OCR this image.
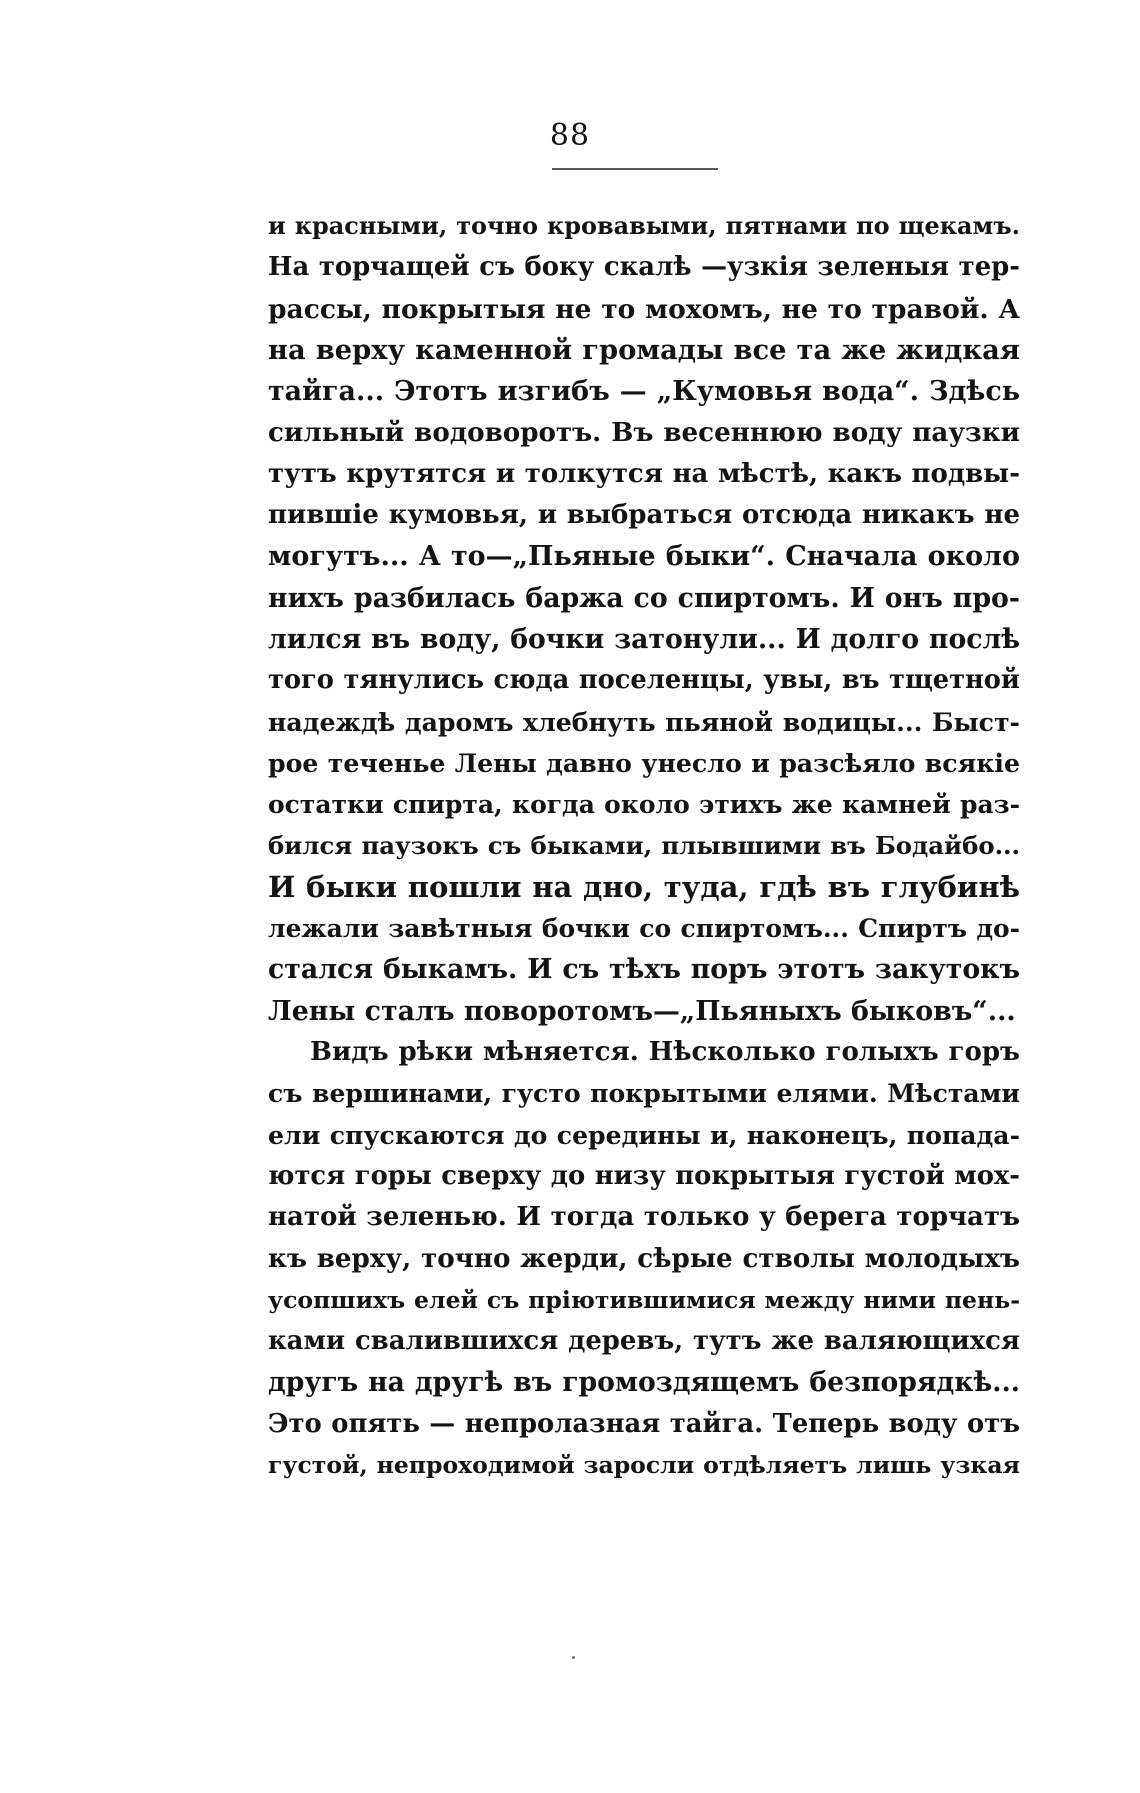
88
и красными, точно кровавыми, пятнами по щекамъ.
На торчащей съ боку скалѣ —узкія зеленыя тер-
рассы, покрытыя не то мохомъ, не то травой. А
на верху каменной громады все та же жидкая
тайга... Этотъ изгибъ — „Кумовья вода“. Здѣсь
сильный водоворотъ. Въ весеннюю воду паузки
тутъ крутятся и толкутся на мѣстѣ, какъ подвы-
пившіе кумовья, и выбраться отсюда никакъ не
могутъ... А то—„Пьяные быки“. Сначала около
нихъ разбилась баржа со спиртомъ. И онъ про-
лился въ воду, бочки затонули... И долго послѣ
того тянулись сюда поселенцы, увы, въ тщетной
надеждѣ даромъ хлебнуть пьяной водицы... Быст-
рое теченье Лены давно унесло и разсѣяло всякіе
остатки спирта, когда около этихъ же камней раз-
бился паузокъ съ быками, плывшими въ Бодайбо...
И быки пошли на дно, туда, гдѣ въ глубинѣ
лежали завѣтныя бочки со спиртомъ... Спиртъ до-
стался быкамъ. И съ тѣхъ поръ этотъ закутокъ
Лены сталъ поворотомъ—„Пьяныхъ быковъ“...
Видъ рѣки мѣняется. Нѣсколько голыхъ горъ
съ вершинами, густо покрытыми елями. Мѣстами
ели спускаются до середины и, наконецъ, попада-
ются горы сверху до низу покрытыя густой мох-
натой зеленью. И тогда только у берега торчатъ
къ верху, точно жерди, сѣрые стволы молодыхъ
усопшихъ елей съ пріютившимися между ними пень-
ками свалившихся деревъ, тутъ же валяющихся
другъ на другѣ въ громоздящемъ безпорядкѣ...
Это опять — непролазная тайга. Теперь воду отъ
густой, непроходимой заросли отдѣляетъ лишь узкая
